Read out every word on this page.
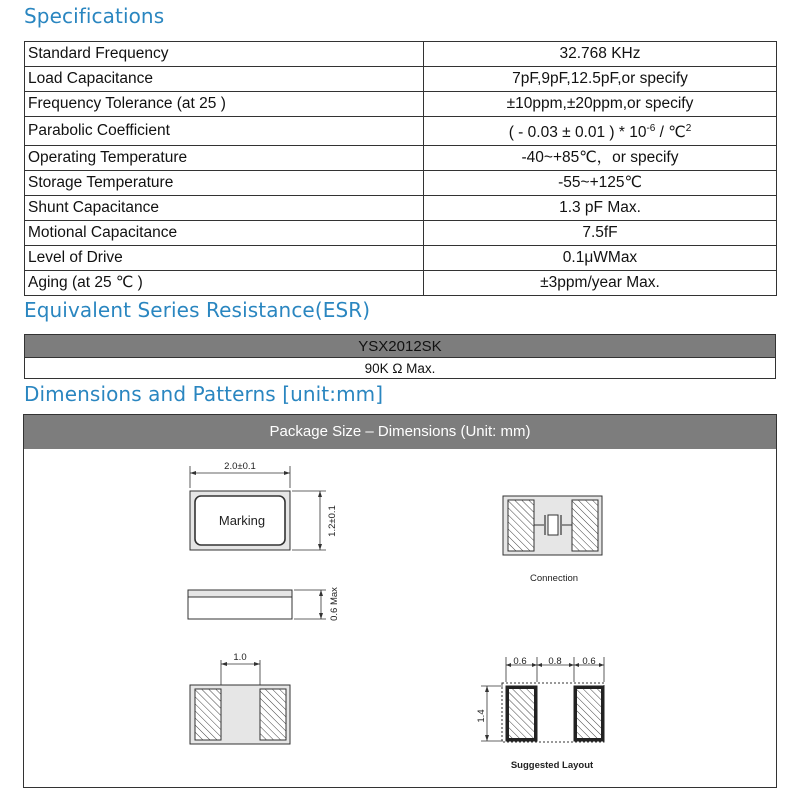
Specifications
Standard Frequency	32.768 KHz
Load Capacitance	7pF,9pF,12.5pF,or specify
Frequency Tolerance (at 25 )	±10ppm,±20ppm,or specify
Parabolic Coefficient	( - 0.03 ± 0.01 ) * $10^{-6}$ / ℃$^2$
Operating Temperature	-40~+85℃，or specify
Storage Temperature	-55~+125℃
Shunt Capacitance	1.3 pF Max.
Motional Capacitance	7.5fF
Level of Drive	0.1μWMax
Aging (at 25 ℃ )	±3ppm/year Max.
Equivalent Series Resistance(ESR)
YSX2012SK
90K Ω Max.
Dimensions and Patterns [unit:mm]
Package Size – Dimensions (Unit: mm)
2.0±0.1
Marking	1.2±0.1
0.6 Max
1.0
Connection
0.6 0.8 0.6
1.4
Suggested Layout
